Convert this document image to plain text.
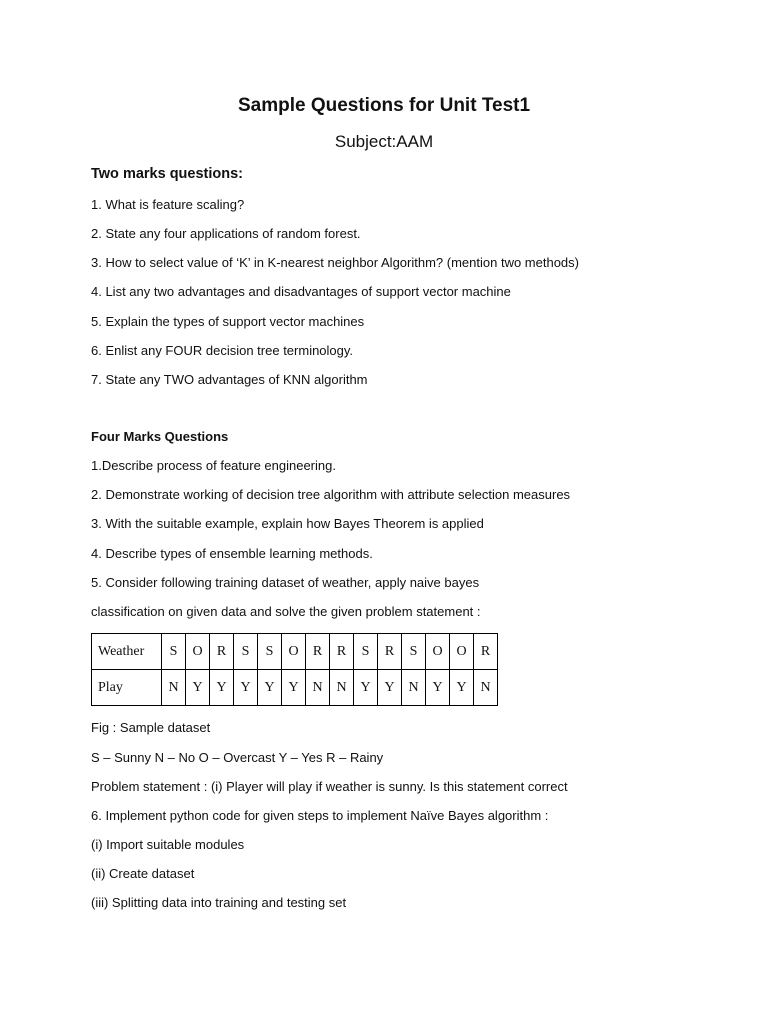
Sample Questions for Unit Test1
Subject:AAM
Two marks questions:
1. What is feature scaling?
2. State any four applications of random forest.
3. How to select value of ‘K’ in K-nearest neighbor Algorithm? (mention two methods)
4. List any two advantages and disadvantages of support vector machine
5. Explain the types of support vector machines
6. Enlist any FOUR decision tree terminology.
7. State any TWO advantages of KNN algorithm
Four Marks Questions
1.Describe process of feature engineering.
2. Demonstrate working of decision tree algorithm with attribute selection measures
3. With the suitable example, explain how Bayes Theorem is applied
4. Describe types of ensemble learning methods.
5. Consider following training dataset of weather, apply naive bayes
classification on given data and solve the given problem statement :
Weather	S	O	R	S	S	O	R	R	S	R	S	O	O	R
Play	N	Y	Y	Y	Y	Y	N	N	Y	Y	N	Y	Y	N
Fig : Sample dataset
S – Sunny N – No O – Overcast Y – Yes R – Rainy
Problem statement : (i) Player will play if weather is sunny. Is this statement correct
6. Implement python code for given steps to implement Naïve Bayes algorithm :
(i) Import suitable modules
(ii) Create dataset
(iii) Splitting data into training and testing set
